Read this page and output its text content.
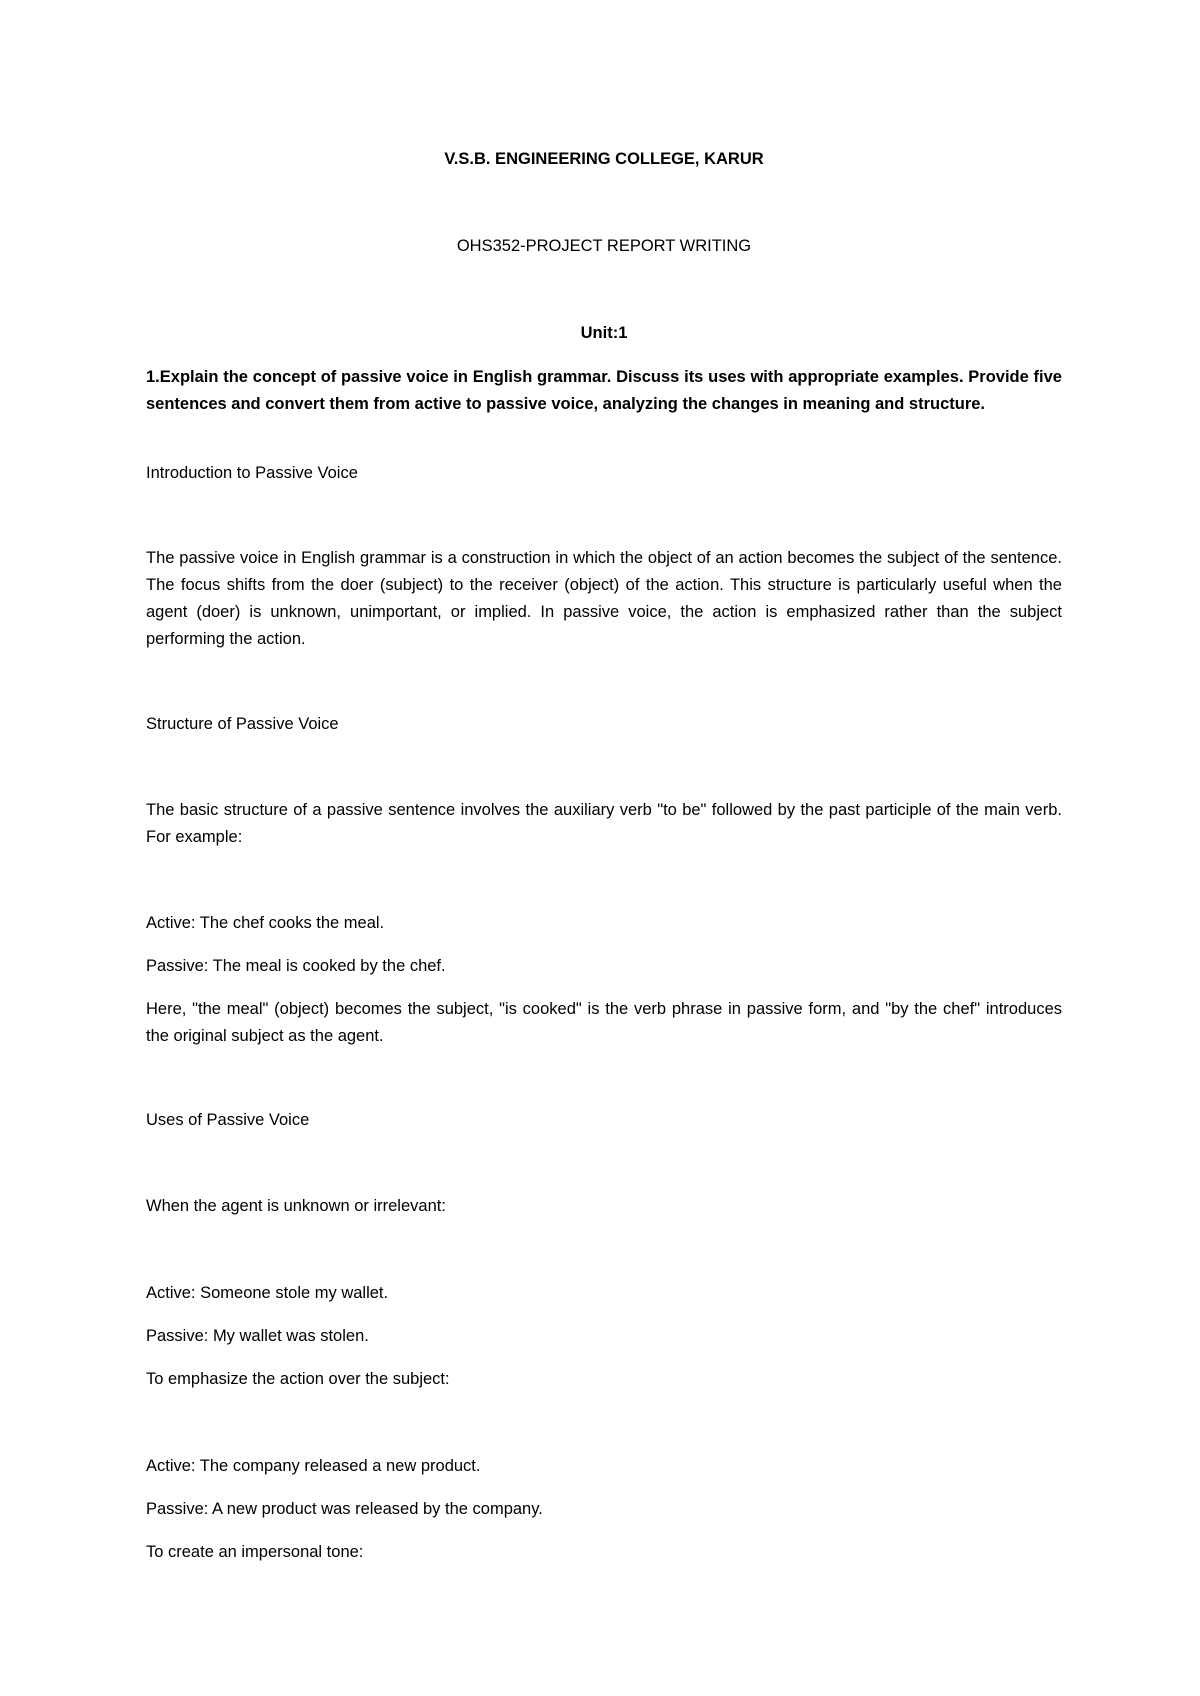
V.S.B. ENGINEERING COLLEGE, KARUR

OHS352-PROJECT REPORT WRITING

Unit:1

1.Explain the concept of passive voice in English grammar. Discuss its uses with appropriate examples. Provide five sentences and convert them from active to passive voice, analyzing the changes in meaning and structure.

Introduction to Passive Voice

The passive voice in English grammar is a construction in which the object of an action becomes the subject of the sentence. The focus shifts from the doer (subject) to the receiver (object) of the action. This structure is particularly useful when the agent (doer) is unknown, unimportant, or implied. In passive voice, the action is emphasized rather than the subject performing the action.

Structure of Passive Voice

The basic structure of a passive sentence involves the auxiliary verb "to be" followed by the past participle of the main verb. For example:

Active: The chef cooks the meal.

Passive: The meal is cooked by the chef.

Here, "the meal" (object) becomes the subject, "is cooked" is the verb phrase in passive form, and "by the chef" introduces the original subject as the agent.

Uses of Passive Voice

When the agent is unknown or irrelevant:

Active: Someone stole my wallet.

Passive: My wallet was stolen.

To emphasize the action over the subject:

Active: The company released a new product.

Passive: A new product was released by the company.

To create an impersonal tone:
